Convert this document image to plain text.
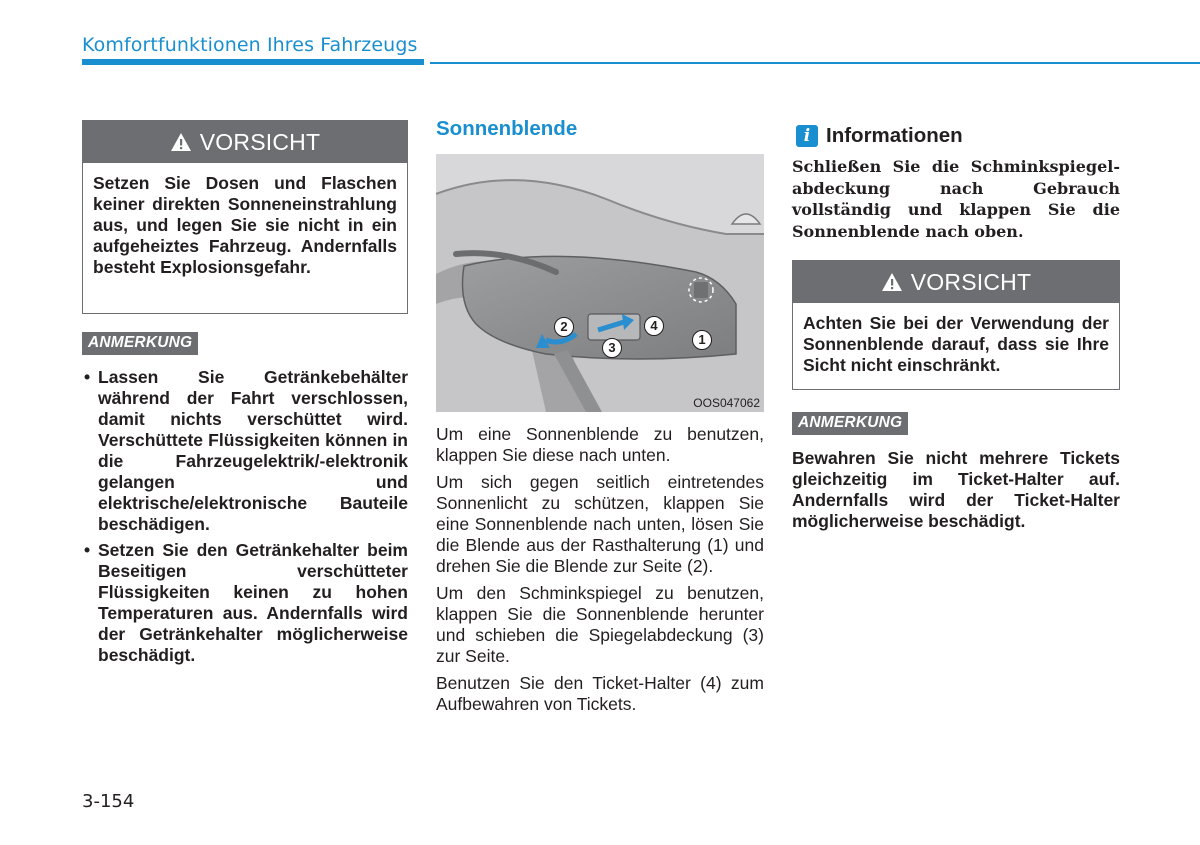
Komfortfunktionen Ihres Fahrzeugs
VORSICHT
Setzen Sie Dosen und Flaschen keiner direkten Sonneneinstrahlung aus, und legen Sie sie nicht in ein aufgeheiztes Fahrzeug. Andernfalls besteht Explosionsgefahr.
ANMERKUNG
• Lassen Sie Getränkebehälter während der Fahrt verschlossen, damit nichts verschüttet wird. Verschüttete Flüssigkeiten können in die Fahrzeugelektrik/-elektronik gelangen und elektrische/elektronische Bauteile beschädigen.
• Setzen Sie den Getränkehalter beim Beseitigen verschütteter Flüssigkeiten keinen zu hohen Temperaturen aus. Andernfalls wird der Getränkehalter möglicherweise beschädigt.
Sonnenblende
1
2
3
4
OOS047062

Um eine Sonnenblende zu benutzen, klappen Sie diese nach unten.

Um sich gegen seitlich eintretendes Sonnenlicht zu schützen, klappen Sie eine Sonnenblende nach unten, lösen Sie die Blende aus der Rasthalterung (1) und drehen Sie die Blende zur Seite (2).

Um den Schminkspiegel zu benutzen, klappen Sie die Sonnenblende herunter und schieben die Spiegelabdeckung (3) zur Seite.

Benutzen Sie den Ticket-Halter (4) zum Aufbewahren von Tickets.

i Informationen
Schließen Sie die Schminkspiegelabdeckung nach Gebrauch vollständig und klappen Sie die Sonnenblende nach oben.
VORSICHT
Achten Sie bei der Verwendung der Sonnenblende darauf, dass sie Ihre Sicht nicht einschränkt.
ANMERKUNG
Bewahren Sie nicht mehrere Tickets gleichzeitig im Ticket-Halter auf. Andernfalls wird der Ticket-Halter möglicherweise beschädigt.
3-154
